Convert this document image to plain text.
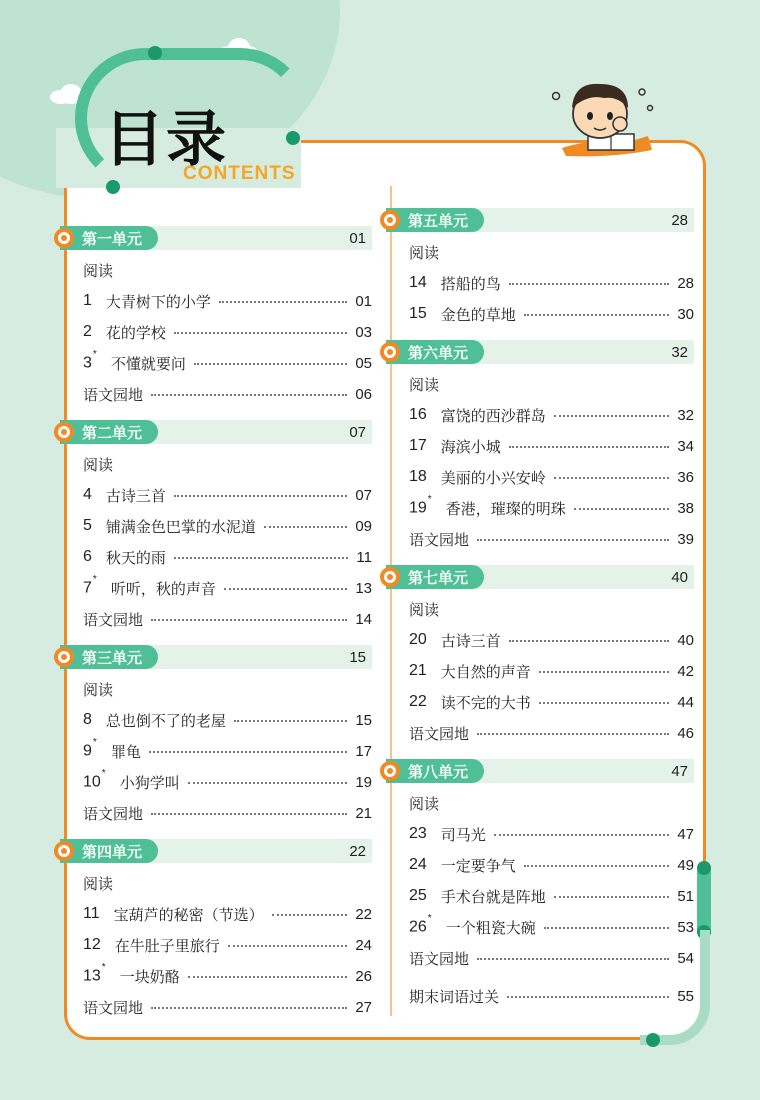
目录
CONTENTS
第一单元	01
阅读
1 大青树下的小学	01
2 花的学校	03
3* 不懂就要问	05
语文园地	06
第二单元	07
阅读
4 古诗三首	07
5 铺满金色巴掌的水泥道	09
6 秋天的雨	11
7* 听听，秋的声音	13
语文园地	14
第三单元	15
阅读
8 总也倒不了的老屋	15
9* 罪龟	17
10* 小狗学叫	19
语文园地	21
第四单元	22
阅读
11 宝葫芦的秘密（节选）	22
12 在牛肚子里旅行	24
13* 一块奶酪	26
语文园地	27
第五单元	28
阅读
14 搭船的鸟	28
15 金色的草地	30
第六单元	32
阅读
16 富饶的西沙群岛	32
17 海滨小城	34
18 美丽的小兴安岭	36
19* 香港，璀璨的明珠	38
语文园地	39
第七单元	40
阅读
20 古诗三首	40
21 大自然的声音	42
22 读不完的大书	44
语文园地	46
第八单元	47
阅读
23 司马光	47
24 一定要争气	49
25 手术台就是阵地	51
26* 一个粗瓷大碗	53
语文园地	54
期末词语过关	55
